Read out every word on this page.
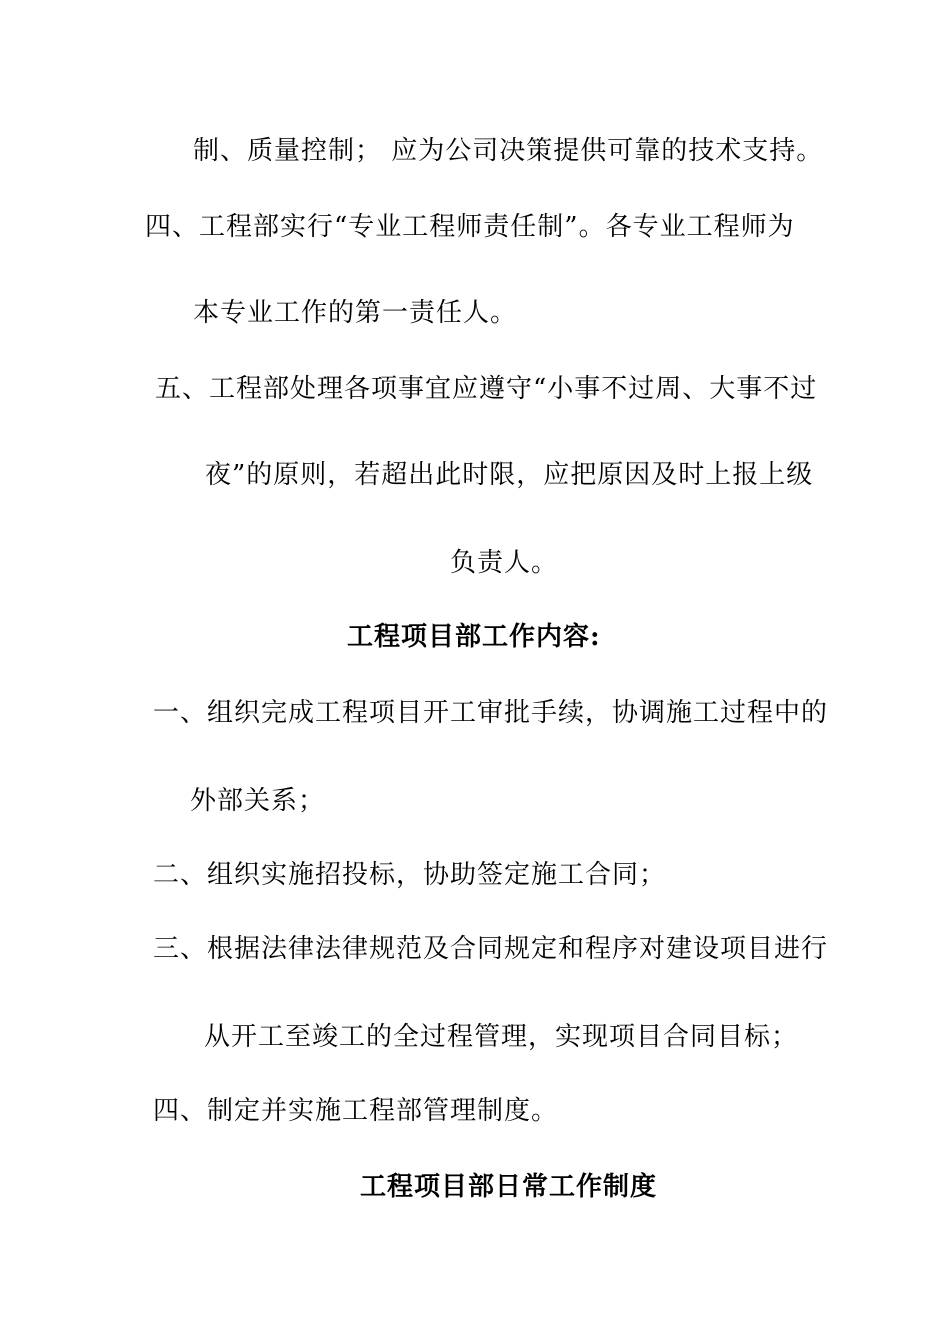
制、质量控制； 应为公司决策提供可靠的技术支持。
四、工程部实行“专业工程师责任制”。各专业工程师为
本专业工作的第一责任人。
五、工程部处理各项事宜应遵守“小事不过周、大事不过
夜”的原则，若超出此时限，应把原因及时上报上级
负责人。
工程项目部工作内容:
一、组织完成工程项目开工审批手续，协调施工过程中的
外部关系；
二、组织实施招投标，协助签定施工合同；
三、根据法律法律规范及合同规定和程序对建设项目进行
从开工至竣工的全过程管理，实现项目合同目标；
四、制定并实施工程部管理制度。
工程项目部日常工作制度
